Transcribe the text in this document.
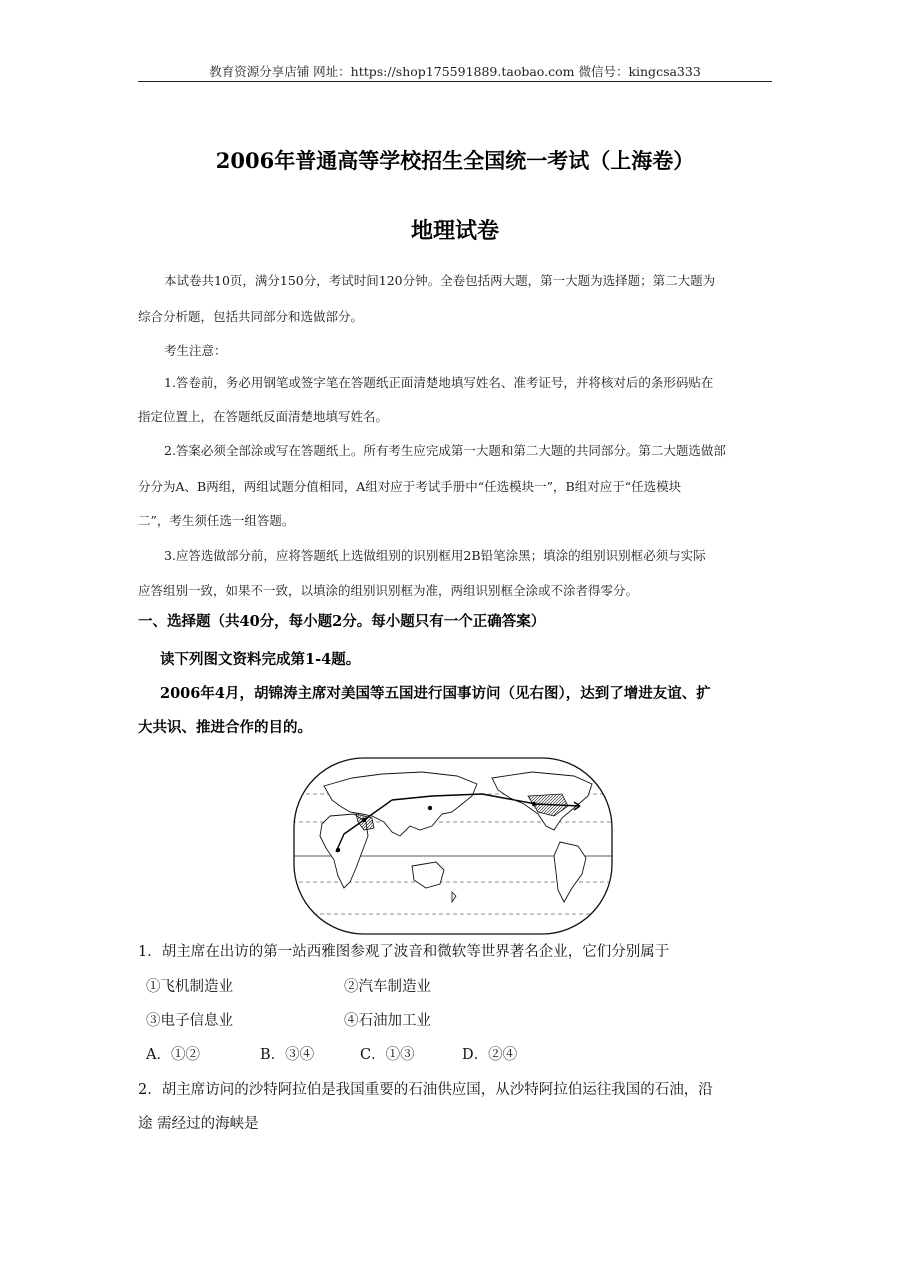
教育资源分享店铺 网址：https://shop175591889.taobao.com 微信号：kingcsa333
2006年普通高等学校招生全国统一考试（上海卷）
地理试卷
本试卷共10页，满分150分，考试时间120分钟。全卷包括两大题，第一大题为选择题；第二大题为
综合分析题，包括共同部分和选做部分。
考生注意：
1.答卷前，务必用钢笔或签字笔在答题纸正面清楚地填写姓名、准考证号，并将核对后的条形码贴在
指定位置上，在答题纸反面清楚地填写姓名。
2.答案必须全部涂或写在答题纸上。所有考生应完成第一大题和第二大题的共同部分。第二大题选做部
分分为A、B两组，两组试题分值相同，A组对应于考试手册中“任选模块一”，B组对应于“任选模块
二”，考生须任选一组答题。
3.应答选做部分前，应将答题纸上选做组别的识别框用2B铅笔涂黑；填涂的组别识别框必须与实际
应答组别一致，如果不一致，以填涂的组别识别框为准，两组识别框全涂或不涂者得零分。
一、选择题（共40分，每小题2分。每小题只有一个正确答案）
读下列图文资料完成第1-4题。
2006年4月，胡锦涛主席对美国等五国进行国事访问（见右图），达到了增进友谊、扩
大共识、推进合作的目的。
1．胡主席在出访的第一站西雅图参观了波音和微软等世界著名企业，它们分别属于
①飞机制造业	②汽车制造业
③电子信息业	④石油加工业
A．①②	B．③④	C．①③	D．②④
2．胡主席访问的沙特阿拉伯是我国重要的石油供应国，从沙特阿拉伯运往我国的石油，沿
途 需经过的海峡是
